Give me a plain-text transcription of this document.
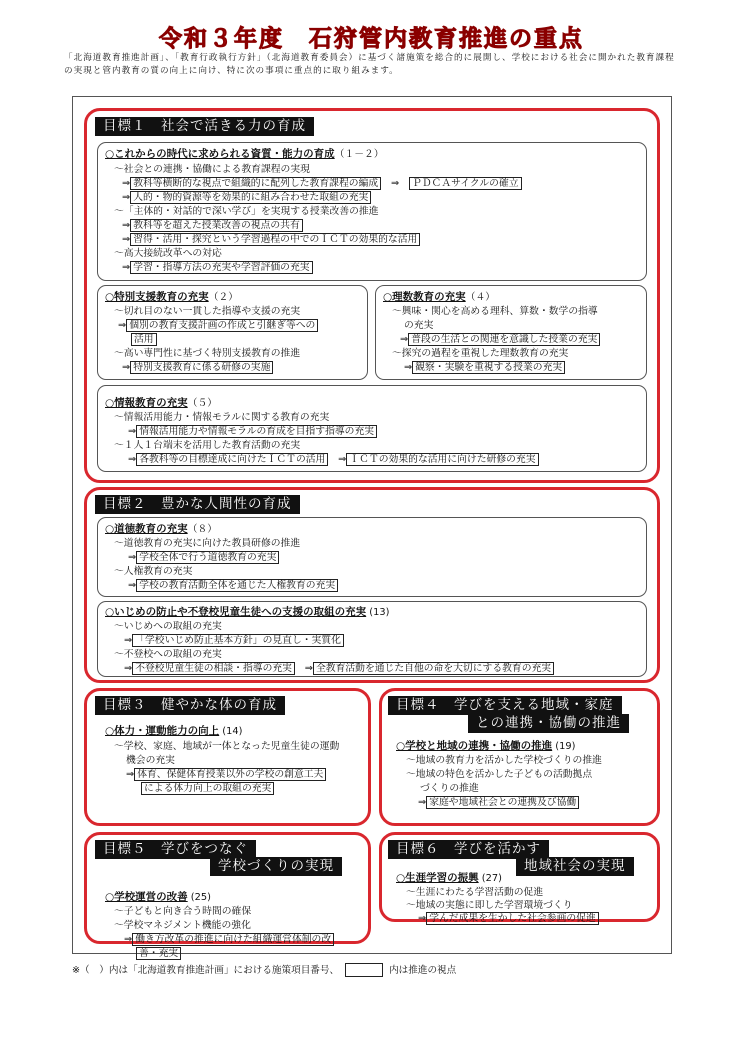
令和３年度　石狩管内教育推進の重点
「北海道教育推進計画」、「教育行政執行方針」（北海道教育委員会）に基づく諸施策を総合的に展開し、学校における社会に開かれた教育課程の実現と管内教育の質の向上に向け、特に次の事項に重点的に取り組みます。
目標１　社会で活きる力の育成
○これからの時代に求められる資質・能力の育成（１－２）
～社会との連携・協働による教育課程の実現
⇒ 教科等横断的な視点で組織的に配列した教育課程の編成　 ⇒　 ＰＤＣＡサイクルの確立
⇒ 人的・物的資源等を効果的に組み合わせた取組の充実
～「主体的・対話的で深い学び」を実現する授業改善の推進
⇒ 教科等を超えた授業改善の視点の共有
⇒ 習得・活用・探究という学習過程の中でのＩＣＴの効果的な活用
～高大接続改革への対応
⇒ 学習・指導方法の充実や学習評価の充実
○特別支援教育の充実（２）
～切れ目のない一貫した指導や支援の充実
⇒ 個別の教育支援計画の作成と引継ぎ等への
活用
～高い専門性に基づく特別支援教育の推進
⇒ 特別支援教育に係る研修の実施
○理数教育の充実（４）
～興味・関心を高める理科、算数・数学の指導
の充実
⇒ 普段の生活との関連を意識した授業の充実
～探究の過程を重視した理数教育の充実
⇒ 観察・実験を重視する授業の充実
○情報教育の充実（５）
～情報活用能力・情報モラルに関する教育の充実
⇒ 情報活用能力や情報モラルの育成を目指す指導の充実
～１人１台端末を活用した教育活動の充実
⇒ 各教科等の目標達成に向けたＩＣＴの活用　 ⇒ ＩＣＴの効果的な活用に向けた研修の充実
目標２　豊かな人間性の育成
○道徳教育の充実（８）
～道徳教育の充実に向けた教員研修の推進
⇒ 学校全体で行う道徳教育の充実
～人権教育の充実
⇒ 学校の教育活動全体を通じた人権教育の充実
○いじめの防止や不登校児童生徒への支援の取組の充実 (13)
～いじめへの取組の充実
⇒ 「学校いじめ防止基本方針」の見直し・実質化
～不登校への取組の充実
⇒ 不登校児童生徒の相談・指導の充実　 ⇒ 全教育活動を通じた自他の命を大切にする教育の充実
目標３　健やかな体の育成
○体力・運動能力の向上 (14)
～学校、家庭、地域が一体となった児童生徒の運動
機会の充実
⇒ 体育、保健体育授業以外の学校の創意工夫
による体力向上の取組の充実
目標４　学びを支える地域・家庭
との連携・協働の推進
○学校と地域の連携・協働の推進 (19)
～地域の教育力を活かした学校づくりの推進
～地域の特色を活かした子どもの活動拠点
づくりの推進
⇒ 家庭や地域社会との連携及び協働
目標５　学びをつなぐ
学校づくりの実現
○学校運営の改善 (25)
～子どもと向き合う時間の確保
～学校マネジメント機能の強化
⇒ 働き方改革の推進に向けた組織運営体制の改
善・充実
目標６　学びを活かす
地域社会の実現
○生涯学習の振興 (27)
～生涯にわたる学習活動の促進
～地域の実態に即した学習環境づくり
⇒ 学んだ成果を生かした社会参画の促進
※（　）内は「北海道教育推進計画」における施策項目番号、	内は推進の視点
